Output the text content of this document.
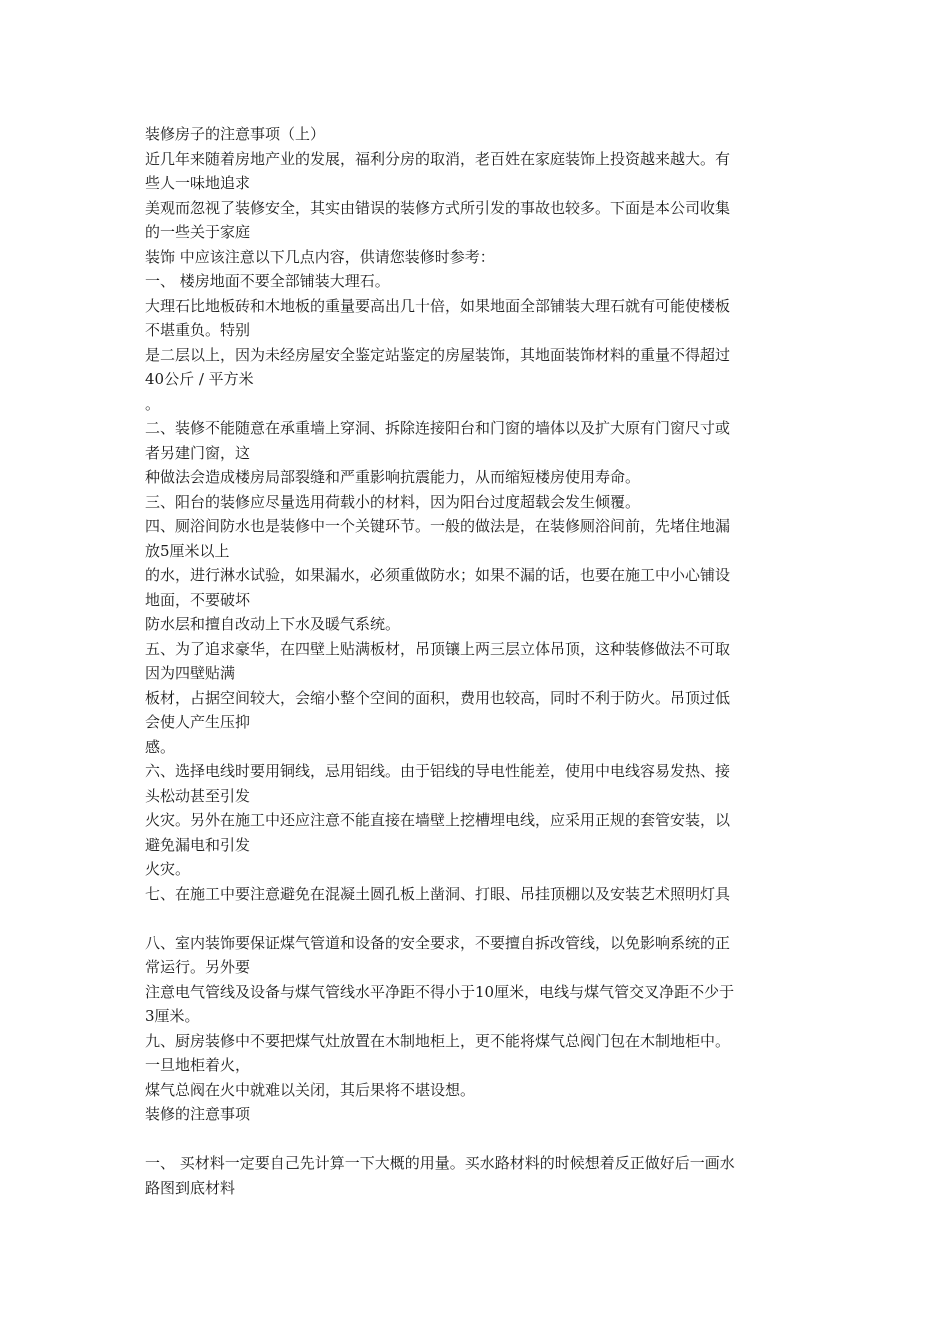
装修房子的注意事项（上）
近几年来随着房地产业的发展，福利分房的取消，老百姓在家庭装饰上投资越来越大。有
些人一味地追求
美观而忽视了装修安全，其实由错误的装修方式所引发的事故也较多。下面是本公司收集
的一些关于家庭
装饰 中应该注意以下几点内容，供请您装修时参考：
一、 楼房地面不要全部铺装大理石。
大理石比地板砖和木地板的重量要高出几十倍，如果地面全部铺装大理石就有可能使楼板
不堪重负。特别
是二层以上，因为未经房屋安全鉴定站鉴定的房屋装饰，其地面装饰材料的重量不得超过
40公斤 / 平方米
。
二、装修不能随意在承重墙上穿洞、拆除连接阳台和门窗的墙体以及扩大原有门窗尺寸或
者另建门窗，这
种做法会造成楼房局部裂缝和严重影响抗震能力，从而缩短楼房使用寿命。
三、阳台的装修应尽量选用荷载小的材料，因为阳台过度超载会发生倾覆。
四、厕浴间防水也是装修中一个关键环节。一般的做法是，在装修厕浴间前，先堵住地漏
放5厘米以上
的水，进行淋水试验，如果漏水，必须重做防水；如果不漏的话，也要在施工中小心铺设
地面，不要破坏
防水层和擅自改动上下水及暖气系统。
五、为了追求豪华，在四壁上贴满板材，吊顶镶上两三层立体吊顶，这种装修做法不可取
因为四壁贴满
板材，占据空间较大，会缩小整个空间的面积，费用也较高，同时不利于防火。吊顶过低
会使人产生压抑
感。
六、选择电线时要用铜线，忌用铝线。由于铝线的导电性能差，使用中电线容易发热、接
头松动甚至引发
火灾。另外在施工中还应注意不能直接在墙壁上挖槽埋电线，应采用正规的套管安装，以
避免漏电和引发
火灾。
七、在施工中要注意避免在混凝土圆孔板上凿洞、打眼、吊挂顶棚以及安装艺术照明灯具
八、室内装饰要保证煤气管道和设备的安全要求，不要擅自拆改管线，以免影响系统的正
常运行。另外要
注意电气管线及设备与煤气管线水平净距不得小于10厘米，电线与煤气管交叉净距不少于
3厘米。
九、厨房装修中不要把煤气灶放置在木制地柜上，更不能将煤气总阀门包在木制地柜中。
一旦地柜着火，
煤气总阀在火中就难以关闭，其后果将不堪设想。
装修的注意事项
一、 买材料一定要自己先计算一下大概的用量。买水路材料的时候想着反正做好后一画水
路图到底材料
